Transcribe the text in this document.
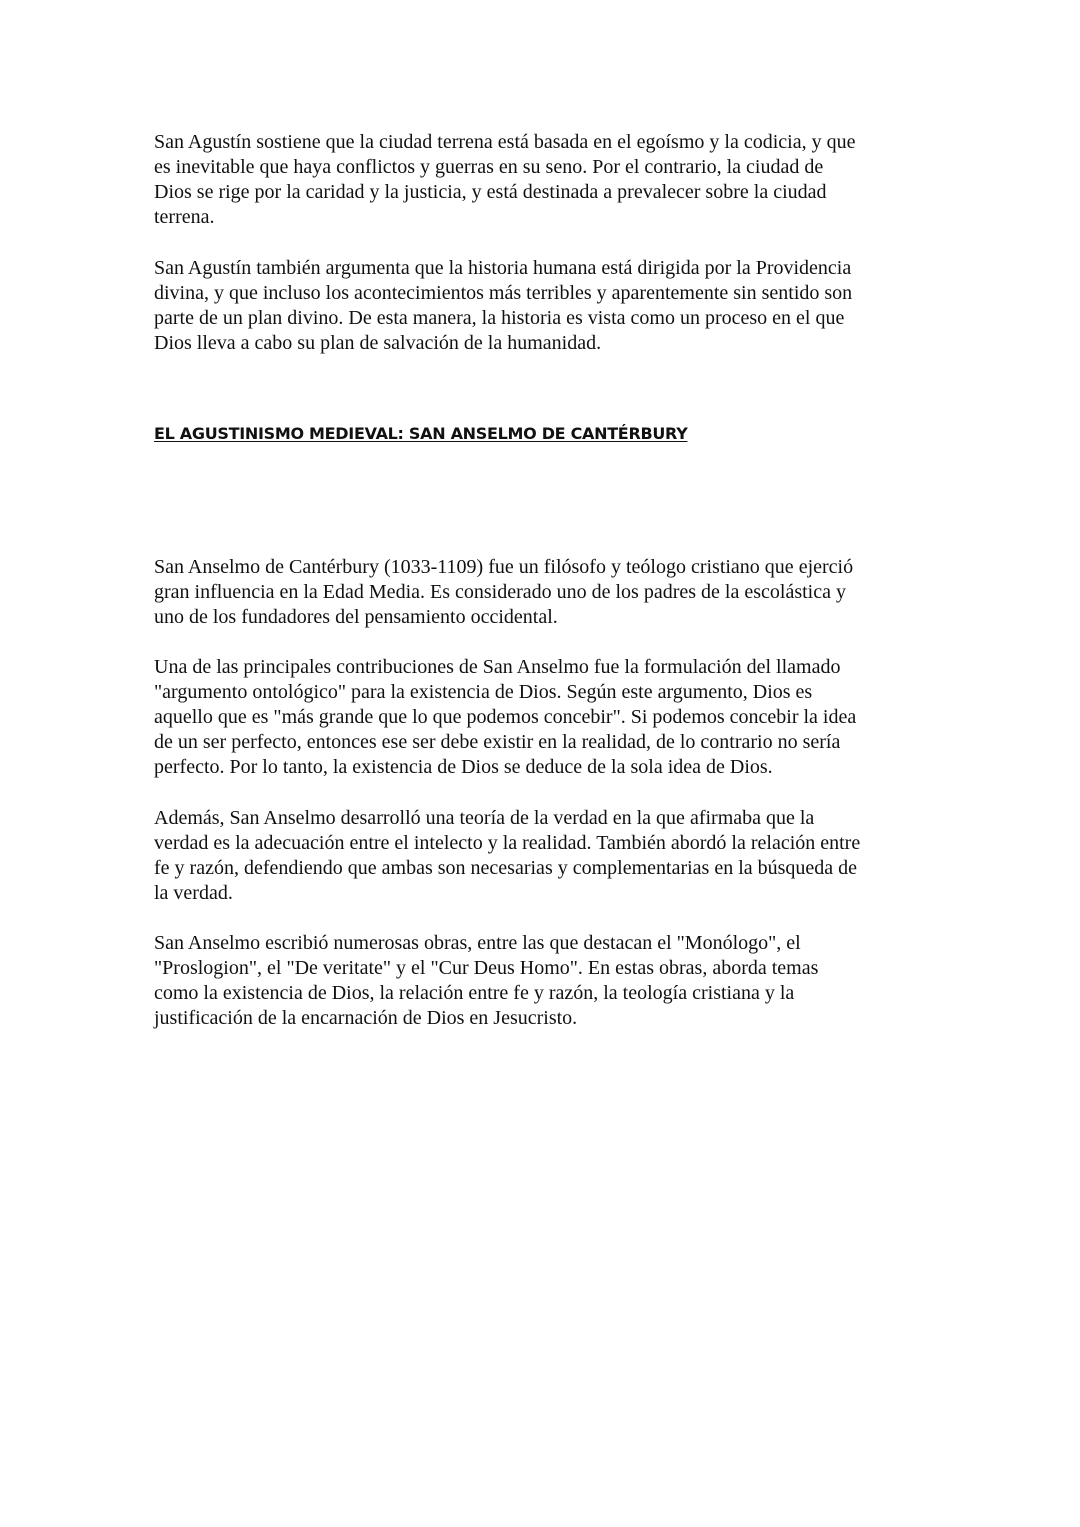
San Agustín sostiene que la ciudad terrena está basada en el egoísmo y la codicia, y que
es inevitable que haya conflictos y guerras en su seno. Por el contrario, la ciudad de
Dios se rige por la caridad y la justicia, y está destinada a prevalecer sobre la ciudad
terrena.

San Agustín también argumenta que la historia humana está dirigida por la Providencia
divina, y que incluso los acontecimientos más terribles y aparentemente sin sentido son
parte de un plan divino. De esta manera, la historia es vista como un proceso en el que
Dios lleva a cabo su plan de salvación de la humanidad.

EL AGUSTINISMO MEDIEVAL: SAN ANSELMO DE CANTÉRBURY

San Anselmo de Cantérbury (1033-1109) fue un filósofo y teólogo cristiano que ejerció
gran influencia en la Edad Media. Es considerado uno de los padres de la escolástica y
uno de los fundadores del pensamiento occidental.

Una de las principales contribuciones de San Anselmo fue la formulación del llamado
"argumento ontológico" para la existencia de Dios. Según este argumento, Dios es
aquello que es "más grande que lo que podemos concebir". Si podemos concebir la idea
de un ser perfecto, entonces ese ser debe existir en la realidad, de lo contrario no sería
perfecto. Por lo tanto, la existencia de Dios se deduce de la sola idea de Dios.

Además, San Anselmo desarrolló una teoría de la verdad en la que afirmaba que la
verdad es la adecuación entre el intelecto y la realidad. También abordó la relación entre
fe y razón, defendiendo que ambas son necesarias y complementarias en la búsqueda de
la verdad.

San Anselmo escribió numerosas obras, entre las que destacan el "Monólogo", el
"Proslogion", el "De veritate" y el "Cur Deus Homo". En estas obras, aborda temas
como la existencia de Dios, la relación entre fe y razón, la teología cristiana y la
justificación de la encarnación de Dios en Jesucristo.
